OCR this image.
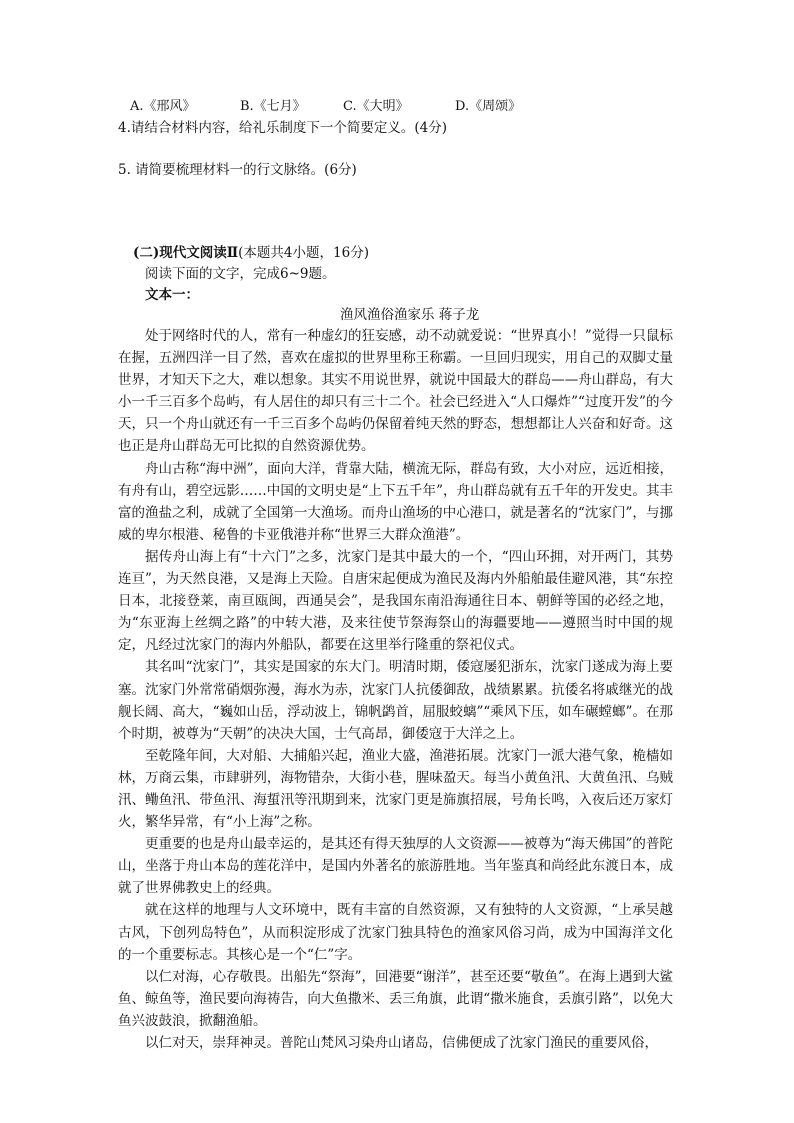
A.《邢风》	B.《七月》	C.《大明》	D.《周颂》
4.请结合材料内容，给礼乐制度下一个简要定义。(4分)
5. 请简要梳理材料一的行文脉络。(6分)
(二)现代文阅读Ⅱ(本题共4小题，16分)
阅读下面的文字，完成6~9题。
文本一：
渔风渔俗渔家乐 蒋子龙

处于网络时代的人，常有一种虚幻的狂妄感，动不动就爱说：“世界真小！”觉得一只鼠标在握，五洲四洋一目了然，喜欢在虚拟的世界里称王称霸。一旦回归现实，用自己的双脚丈量世界，才知天下之大，难以想象。其实不用说世界，就说中国最大的群岛——舟山群岛，有大小一千三百多个岛屿，有人居住的却只有三十二个。社会已经进入“人口爆炸”“过度开发”的今天，只一个舟山就还有一千三百多个岛屿仍保留着纯天然的野态，想想都让人兴奋和好奇。这也正是舟山群岛无可比拟的自然资源优势。

舟山古称“海中洲”，面向大洋，背靠大陆，横流无际，群岛有致，大小对应，远近相接，有舟有山，碧空远影……中国的文明史是“上下五千年”，舟山群岛就有五千年的开发史。其丰富的渔盐之利，成就了全国第一大渔场。而舟山渔场的中心港口，就是著名的“沈家门”，与挪威的卑尔根港、秘鲁的卡亚俄港并称“世界三大群众渔港”。

据传舟山海上有“十六门”之多，沈家门是其中最大的一个，“四山环拥，对开两门，其势连亘”，为天然良港，又是海上天险。自唐宋起便成为渔民及海内外船舶最佳避风港，其“东控日本，北接登莱，南亘瓯闽，西通吴会”，是我国东南沿海通往日本、朝鲜等国的必经之地，为“东亚海上丝绸之路”的中转大港，及来往使节祭海祭山的海疆要地——遵照当时中国的规定，凡经过沈家门的海内外船队，都要在这里举行隆重的祭祀仪式。

其名叫“沈家门”，其实是国家的东大门。明清时期，倭寇屡犯浙东，沈家门遂成为海上要塞。沈家门外常常硝烟弥漫，海水为赤，沈家门人抗倭御敌，战绩累累。抗倭名将戚继光的战舰长阔、高大，“巍如山岳，浮动波上，锦帆鹢首，屈服蛟螭”“乘风下压，如车碾螳螂”。在那个时期，被尊为“天朝”的决决大国，士气高昂，御倭寇于大洋之上。

至乾隆年间，大对船、大捕船兴起，渔业大盛，渔港拓展。沈家门一派大港气象，桅樯如林，万商云集，市肆骈列，海物错杂，大街小巷，腥味盈天。每当小黄鱼汛、大黄鱼汛、乌贼汛、鳓鱼汛、带鱼汛、海蜇汛等汛期到来，沈家门更是旆旗招展，号角长鸣，入夜后还万家灯火，繁华异常，有“小上海”之称。

更重要的也是舟山最幸运的，是其还有得天独厚的人文资源——被尊为“海天佛国”的普陀山，坐落于舟山本岛的莲花洋中，是国内外著名的旅游胜地。当年鉴真和尚经此东渡日本，成就了世界佛教史上的经典。

就在这样的地理与人文环境中，既有丰富的自然资源，又有独特的人文资源，“上承吴越古风，下创列岛特色”，从而积淀形成了沈家门独具特色的渔家风俗习尚，成为中国海洋文化的一个重要标志。其核心是一个“仁”字。

以仁对海，心存敬畏。出船先“祭海”，回港要“谢洋”，甚至还要“敬鱼”。在海上遇到大鲨鱼、鲸鱼等，渔民要向海祷告，向大鱼撒米、丢三角旗，此谓“撒米施食，丢旗引路”，以免大鱼兴波鼓浪，掀翻渔船。

以仁对天，崇拜神灵。普陀山梵风习染舟山诸岛，信佛便成了沈家门渔民的重要风俗，
